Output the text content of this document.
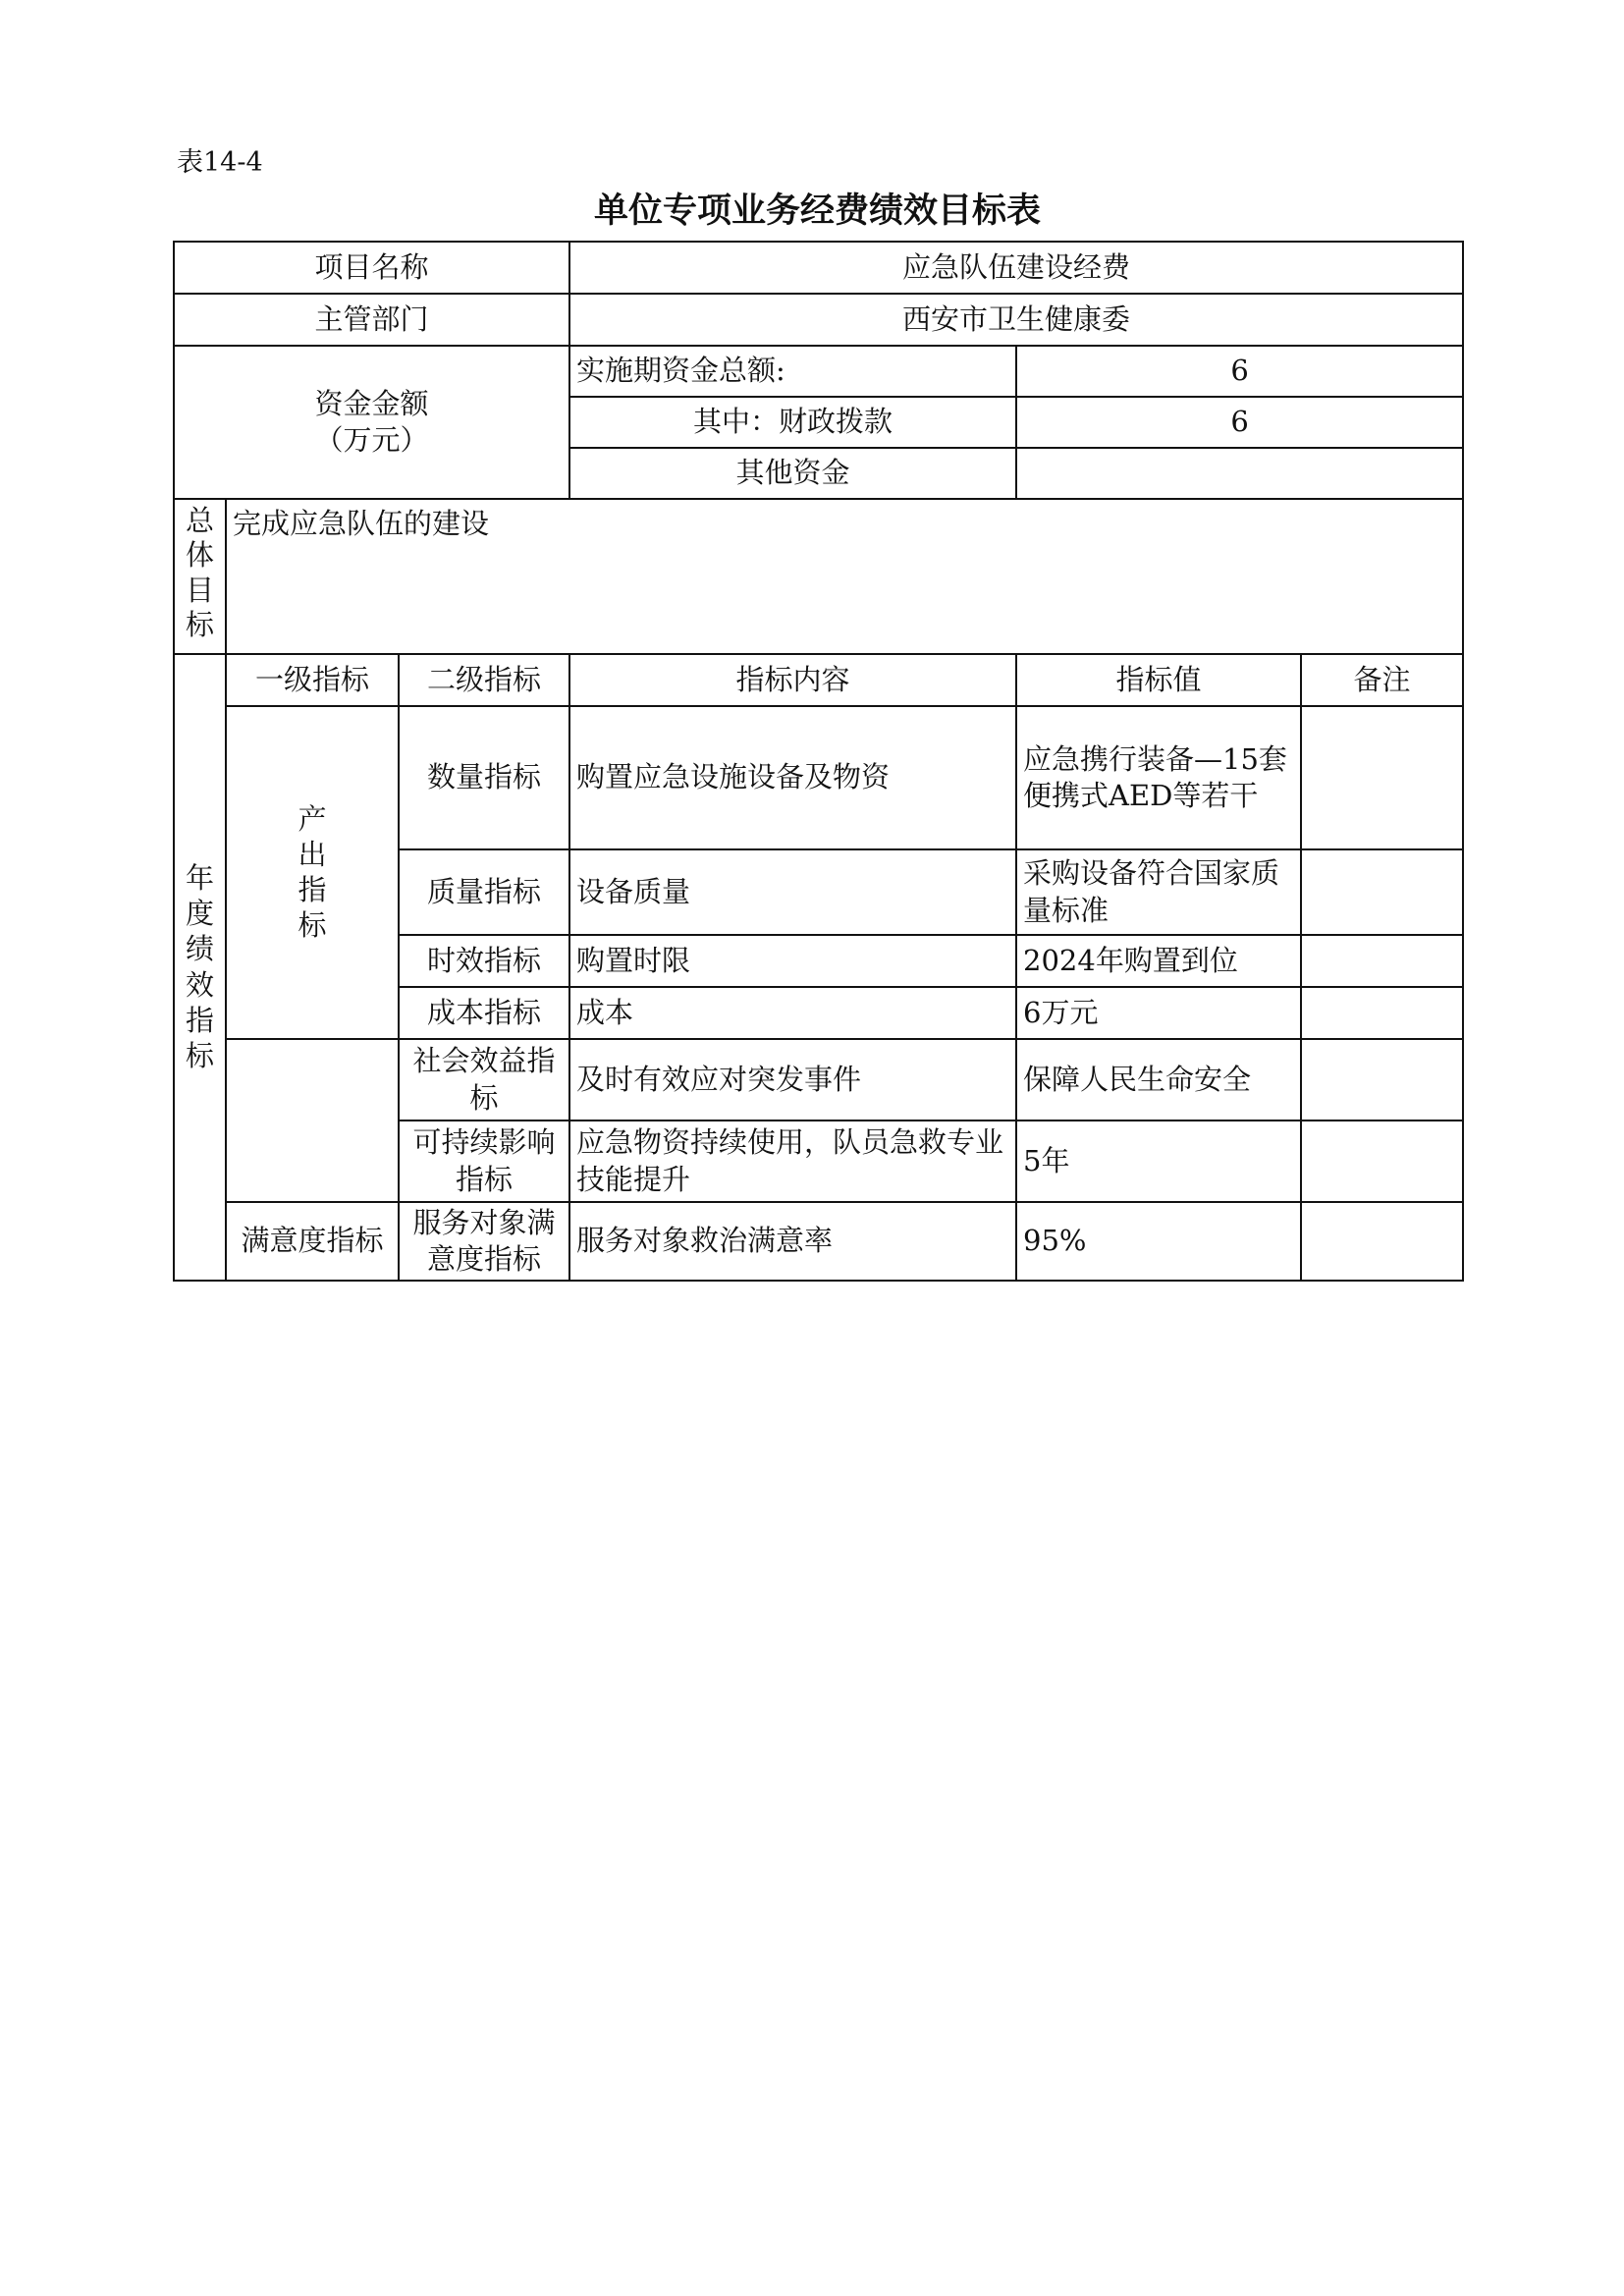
表14-4
单位专项业务经费绩效目标表
项目名称			应急队伍建设经费		
主管部门			西安市卫生健康委		

资金金额
（万元）			实施期资金总额:	6	
			其中：财政拨款	6	
			其他资金		
总体目标	完成应急队伍的建设				
年度绩效指标	一级指标	二级指标	指标内容	指标值	备注
	产出指标	数量指标	购置应急设施设备及物资	应急携行装备—15套便携式AED等若干	
		质量指标	设备质量	采购设备符合国家质量标准	
		时效指标	购置时限	2024年购置到位	
		成本指标	成本	6万元	
		社会效益指标	及时有效应对突发事件	保障人民生命安全	
		可持续影响指标	应急物资持续使用，队员急救专业技能提升	5年	
	满意度指标	服务对象满意度指标	服务对象救治满意率	95%	
